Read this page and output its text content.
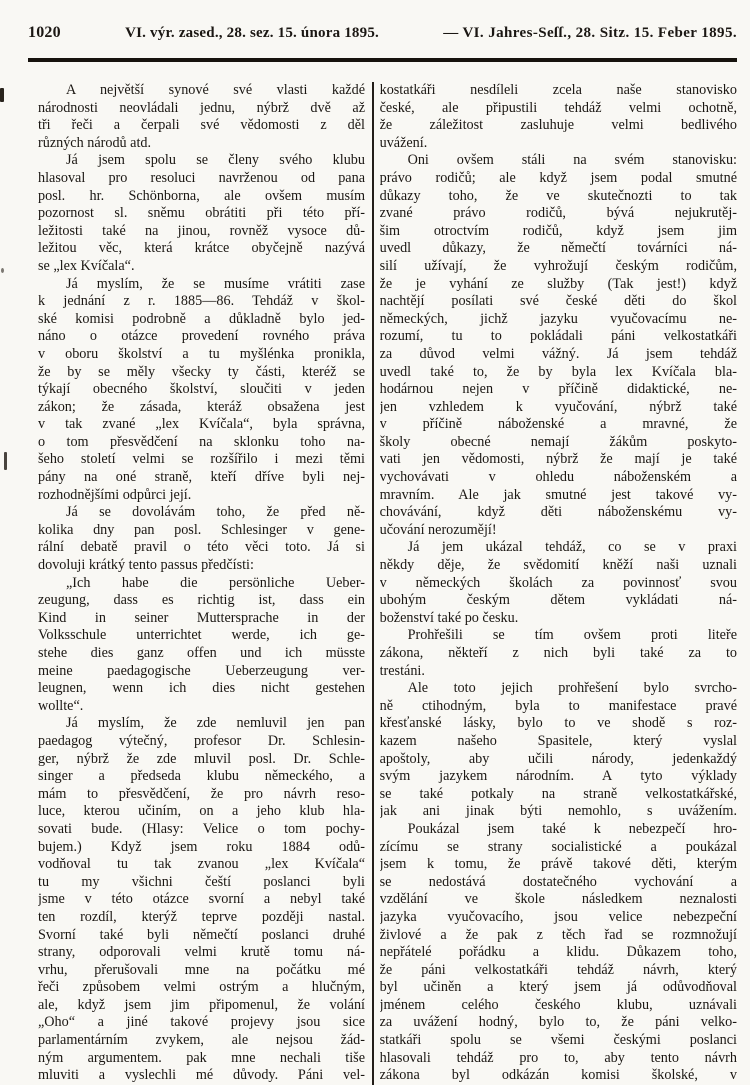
1020	VI. výr. zased., 28. sez. 15. února 1895.	— VI. Jahres-Seſſ., 28. Sitz. 15. Feber 1895.
A největší synové své vlasti každé
národnosti neovládali jednu, nýbrž dvě až
tři řeči a čerpali své vědomosti z děl
různých národů atd.
Já jsem spolu se členy svého klubu
hlasoval pro resoluci navrženou od pana
posl. hr. Schönborna, ale ovšem musím
pozornost sl. sněmu obrátiti při této pří-
ležitosti také na jinou, rovněž vysoce dů-
ležitou věc, která krátce obyčejně nazývá
se „lex Kvíčala“.
Já myslím, že se musíme vrátiti zase
k jednání z r. 1885—86. Tehdáž v škol-
ské komisi podrobně a důkladně bylo jed-
náno o otázce provedení rovného práva
v oboru školství a tu myšlénka pronikla,
že by se měly všecky ty části, kteréž se
týkají obecného školství, sloučiti v jeden
zákon; že zásada, kteráž obsažena jest
v tak zvané „lex Kvíčala“, byla správna,
o tom přesvědčení na sklonku toho na-
šeho století velmi se rozšířilo i mezi těmi
pány na oné straně, kteří dříve byli nej-
rozhodnějšími odpůrci její.
Já se dovolávám toho, že před ně-
kolika dny pan posl. Schlesinger v gene-
rální debatě pravil o této věci toto. Já si
dovoluji krátký tento passus předčísti:
„Ich habe die persönliche Ueber-
zeugung, dass es richtig ist, dass ein
Kind in seiner Muttersprache in der
Volksschule unterrichtet werde, ich ge-
stehe dies ganz offen und ich müsste
meine paedagogische Ueberzeugung ver-
leugnen, wenn ich dies nicht gestehen
wollte“.
Já myslím, že zde nemluvil jen pan
paedagog výtečný, profesor Dr. Schlesin-
ger, nýbrž že zde mluvil posl. Dr. Schle-
singer a předseda klubu německého, a
mám to přesvědčení, že pro návrh reso-
luce, kterou učiním, on a jeho klub hla-
sovati bude. (Hlasy: Velice o tom pochy-
bujem.) Když jsem roku 1884 odů-
vodňoval tu tak zvanou „lex Kvíčala“
tu my všichni čeští poslanci byli
jsme v této otázce svorní a nebyl také
ten rozdíl, kterýž teprve později nastal.
Svorní také byli němečtí poslanci druhé
strany, odporovali velmi krutě tomu ná-
vrhu, přerušovali mne na počátku mé
řeči způsobem velmi ostrým a hlučným,
ale, když jsem jim připomenul, že volání
„Oho“ a jiné takové projevy jsou sice
parlamentárním zvykem, ale nejsou žád-
ným argumentem. pak mne nechali tiše
mluviti a vyslechli mé důvody. Páni vel-
kostatkáři nesdíleli zcela naše stanovisko
české, ale připustili tehdáž velmi ochotně,
že záležitost zasluhuje velmi bedlivého
uvážení.
Oni ovšem stáli na svém stanovisku:
právo rodičů; ale když jsem podal smutné
důkazy toho, že ve skutečnozti to tak
zvané právo rodičů, bývá nejukrutěj-
šim otroctvím rodičů, když jsem jim
uvedl důkazy, že němečtí továrníci ná-
silí užívají, že vyhrožují českým rodičům,
že je vyhání ze služby (Tak jest!) když
nachtějí posílati své české děti do škol
německých, jichž jazyku vyučovacímu ne-
rozumí, tu to pokládali páni velkostatkáři
za důvod velmi vážný. Já jsem tehdáž
uvedl také to, že by byla lex Kvíčala bla-
hodárnou nejen v příčině didaktické, ne-
jen vzhledem k vyučování, nýbrž také
v příčině náboženské a mravné, že
školy obecné nemají žákům poskyto-
vati jen vědomosti, nýbrž že mají je také
vychovávati v ohledu náboženském a
mravním. Ale jak smutné jest takové vy-
chovávání, když děti náboženskému vy-
učování nerozumějí!
Já jem ukázal tehdáž, co se v praxi
někdy děje, že svědomití kněží naši uznali
v německých školách za povinnosť svou
ubohým českým dětem vykládati ná-
boženství také po česku.
Prohřešili se tím ovšem proti liteře
zákona, někteří z nich byli také za to
trestáni.
Ale toto jejich prohřešení bylo svrcho-
ně ctihodným, byla to manifestace pravé
křesťanské lásky, bylo to ve shodě s roz-
kazem našeho Spasitele, který vyslal
apoštoly, aby učili národy, jedenkaždý
svým jazykem národním. A tyto výklady
se také potkaly na straně velkostatkářské,
jak ani jinak býti nemohlo, s uvážením.
Poukázal jsem také k nebezpečí hro-
zícímu se strany socialistické a poukázal
jsem k tomu, že právě takové děti, kterým
se nedostává dostatečného vychování a
vzdělání ve škole následkem neznalosti
jazyka vyučovacího, jsou velice nebezpeční
živlové a že pak z těch řad se rozmnožují
nepřátelé pořádku a klidu. Důkazem toho,
že páni velkostatkáři tehdáž návrh, který
byl učiněn a který jsem já odůvodňoval
jménem celého českého klubu, uznávali
za uvážení hodný, bylo to, že páni velko-
statkáři spolu se všemi českými poslanci
hlasovali tehdáž pro to, aby tento návrh
zákona byl odkázán komisi školské, v
